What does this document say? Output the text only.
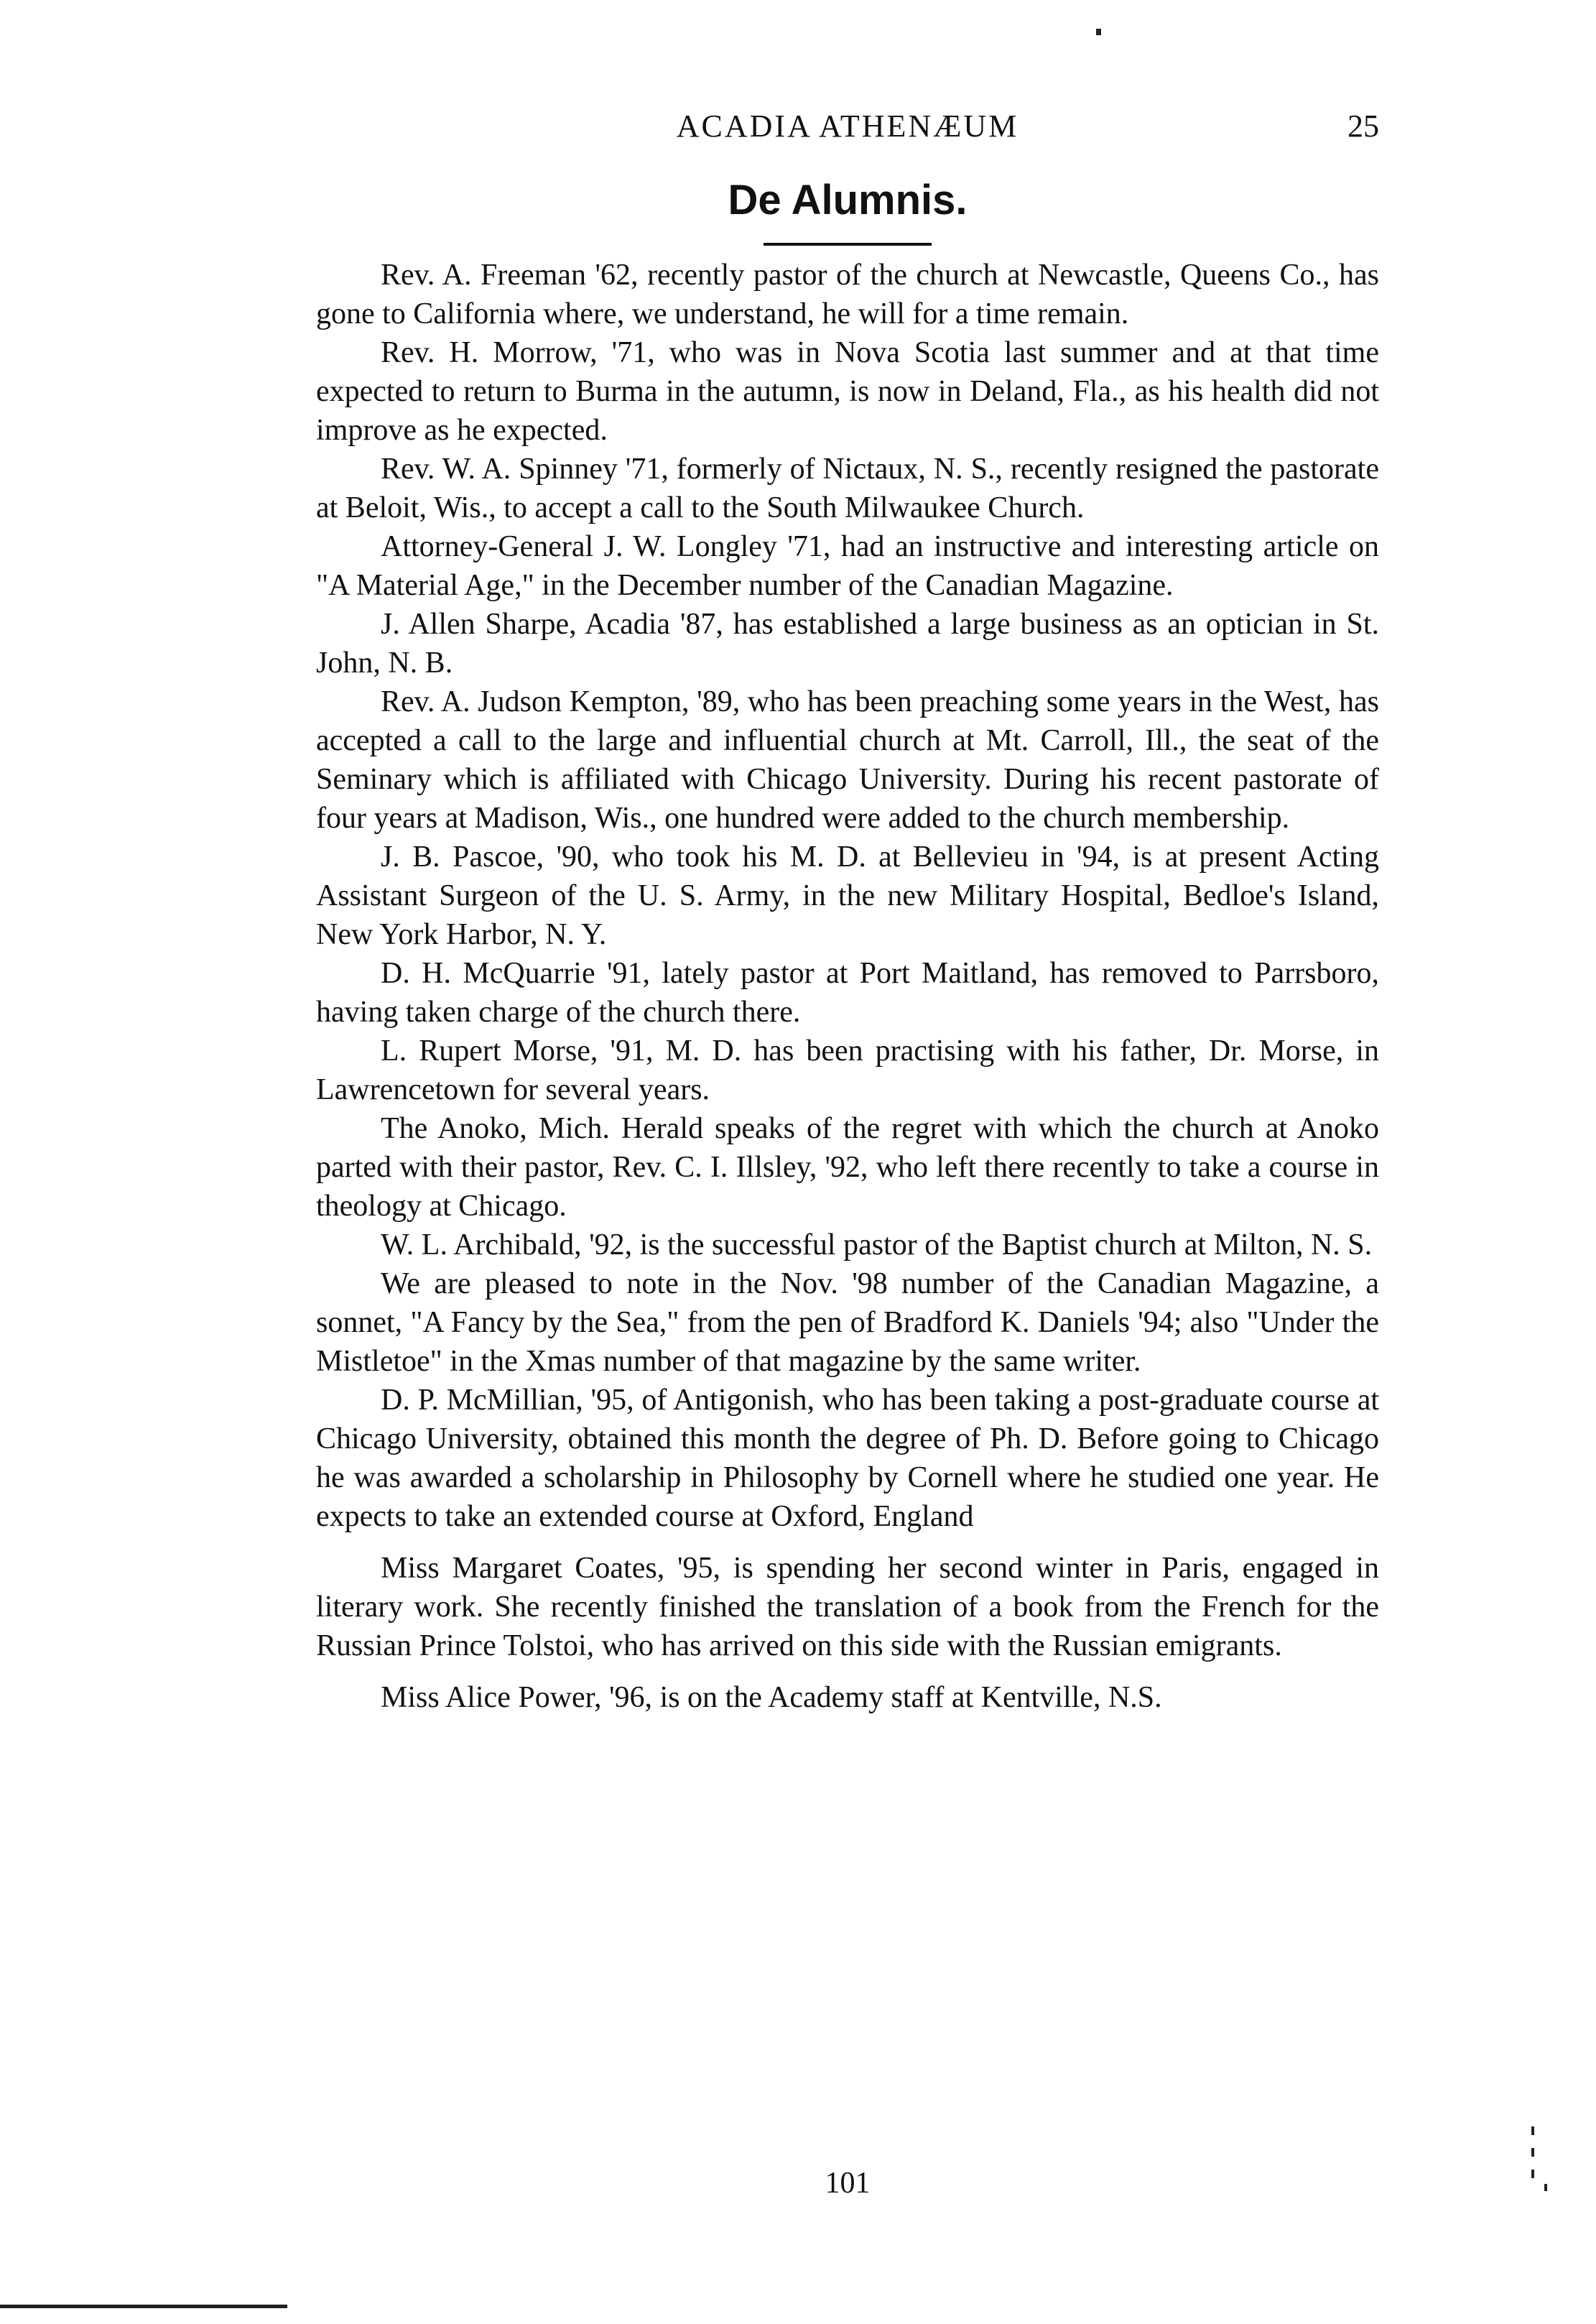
ACADIA ATHENÆUM	25
De Alumnis.

Rev. A. Freeman '62, recently pastor of the church at Newcastle, Queens Co., has gone to California where, we understand, he will for a time remain.

Rev. H. Morrow, '71, who was in Nova Scotia last summer and at that time expected to return to Burma in the autumn, is now in Deland, Fla., as his health did not improve as he expected.

Rev. W. A. Spinney '71, formerly of Nictaux, N. S., recently resigned the pastorate at Beloit, Wis., to accept a call to the South Milwaukee Church.

Attorney-General J. W. Longley '71, had an instructive and interesting article on "A Material Age," in the December number of the Canadian Magazine.

J. Allen Sharpe, Acadia '87, has established a large business as an optician in St. John, N. B.

Rev. A. Judson Kempton, '89, who has been preaching some years in the West, has accepted a call to the large and influential church at Mt. Carroll, Ill., the seat of the Seminary which is affiliated with Chicago University. During his recent pastorate of four years at Madison, Wis., one hundred were added to the church membership.

J. B. Pascoe, '90, who took his M. D. at Bellevieu in '94, is at present Acting Assistant Surgeon of the U. S. Army, in the new Military Hospital, Bedloe's Island, New York Harbor, N. Y.

D. H. McQuarrie '91, lately pastor at Port Maitland, has removed to Parrsboro, having taken charge of the church there.

L. Rupert Morse, '91, M. D. has been practising with his father, Dr. Morse, in Lawrencetown for several years.

The Anoko, Mich. Herald speaks of the regret with which the church at Anoko parted with their pastor, Rev. C. I. Illsley, '92, who left there recently to take a course in theology at Chicago.

W. L. Archibald, '92, is the successful pastor of the Baptist church at Milton, N. S.

We are pleased to note in the Nov. '98 number of the Canadian Magazine, a sonnet, "A Fancy by the Sea," from the pen of Bradford K. Daniels '94; also "Under the Mistletoe" in the Xmas number of that magazine by the same writer.

D. P. McMillian, '95, of Antigonish, who has been taking a post-graduate course at Chicago University, obtained this month the degree of Ph. D. Before going to Chicago he was awarded a scholarship in Philosophy by Cornell where he studied one year. He expects to take an extended course at Oxford, England

Miss Margaret Coates, '95, is spending her second winter in Paris, engaged in literary work. She recently finished the translation of a book from the French for the Russian Prince Tolstoi, who has arrived on this side with the Russian emigrants.

Miss Alice Power, '96, is on the Academy staff at Kentville, N.S.

101
